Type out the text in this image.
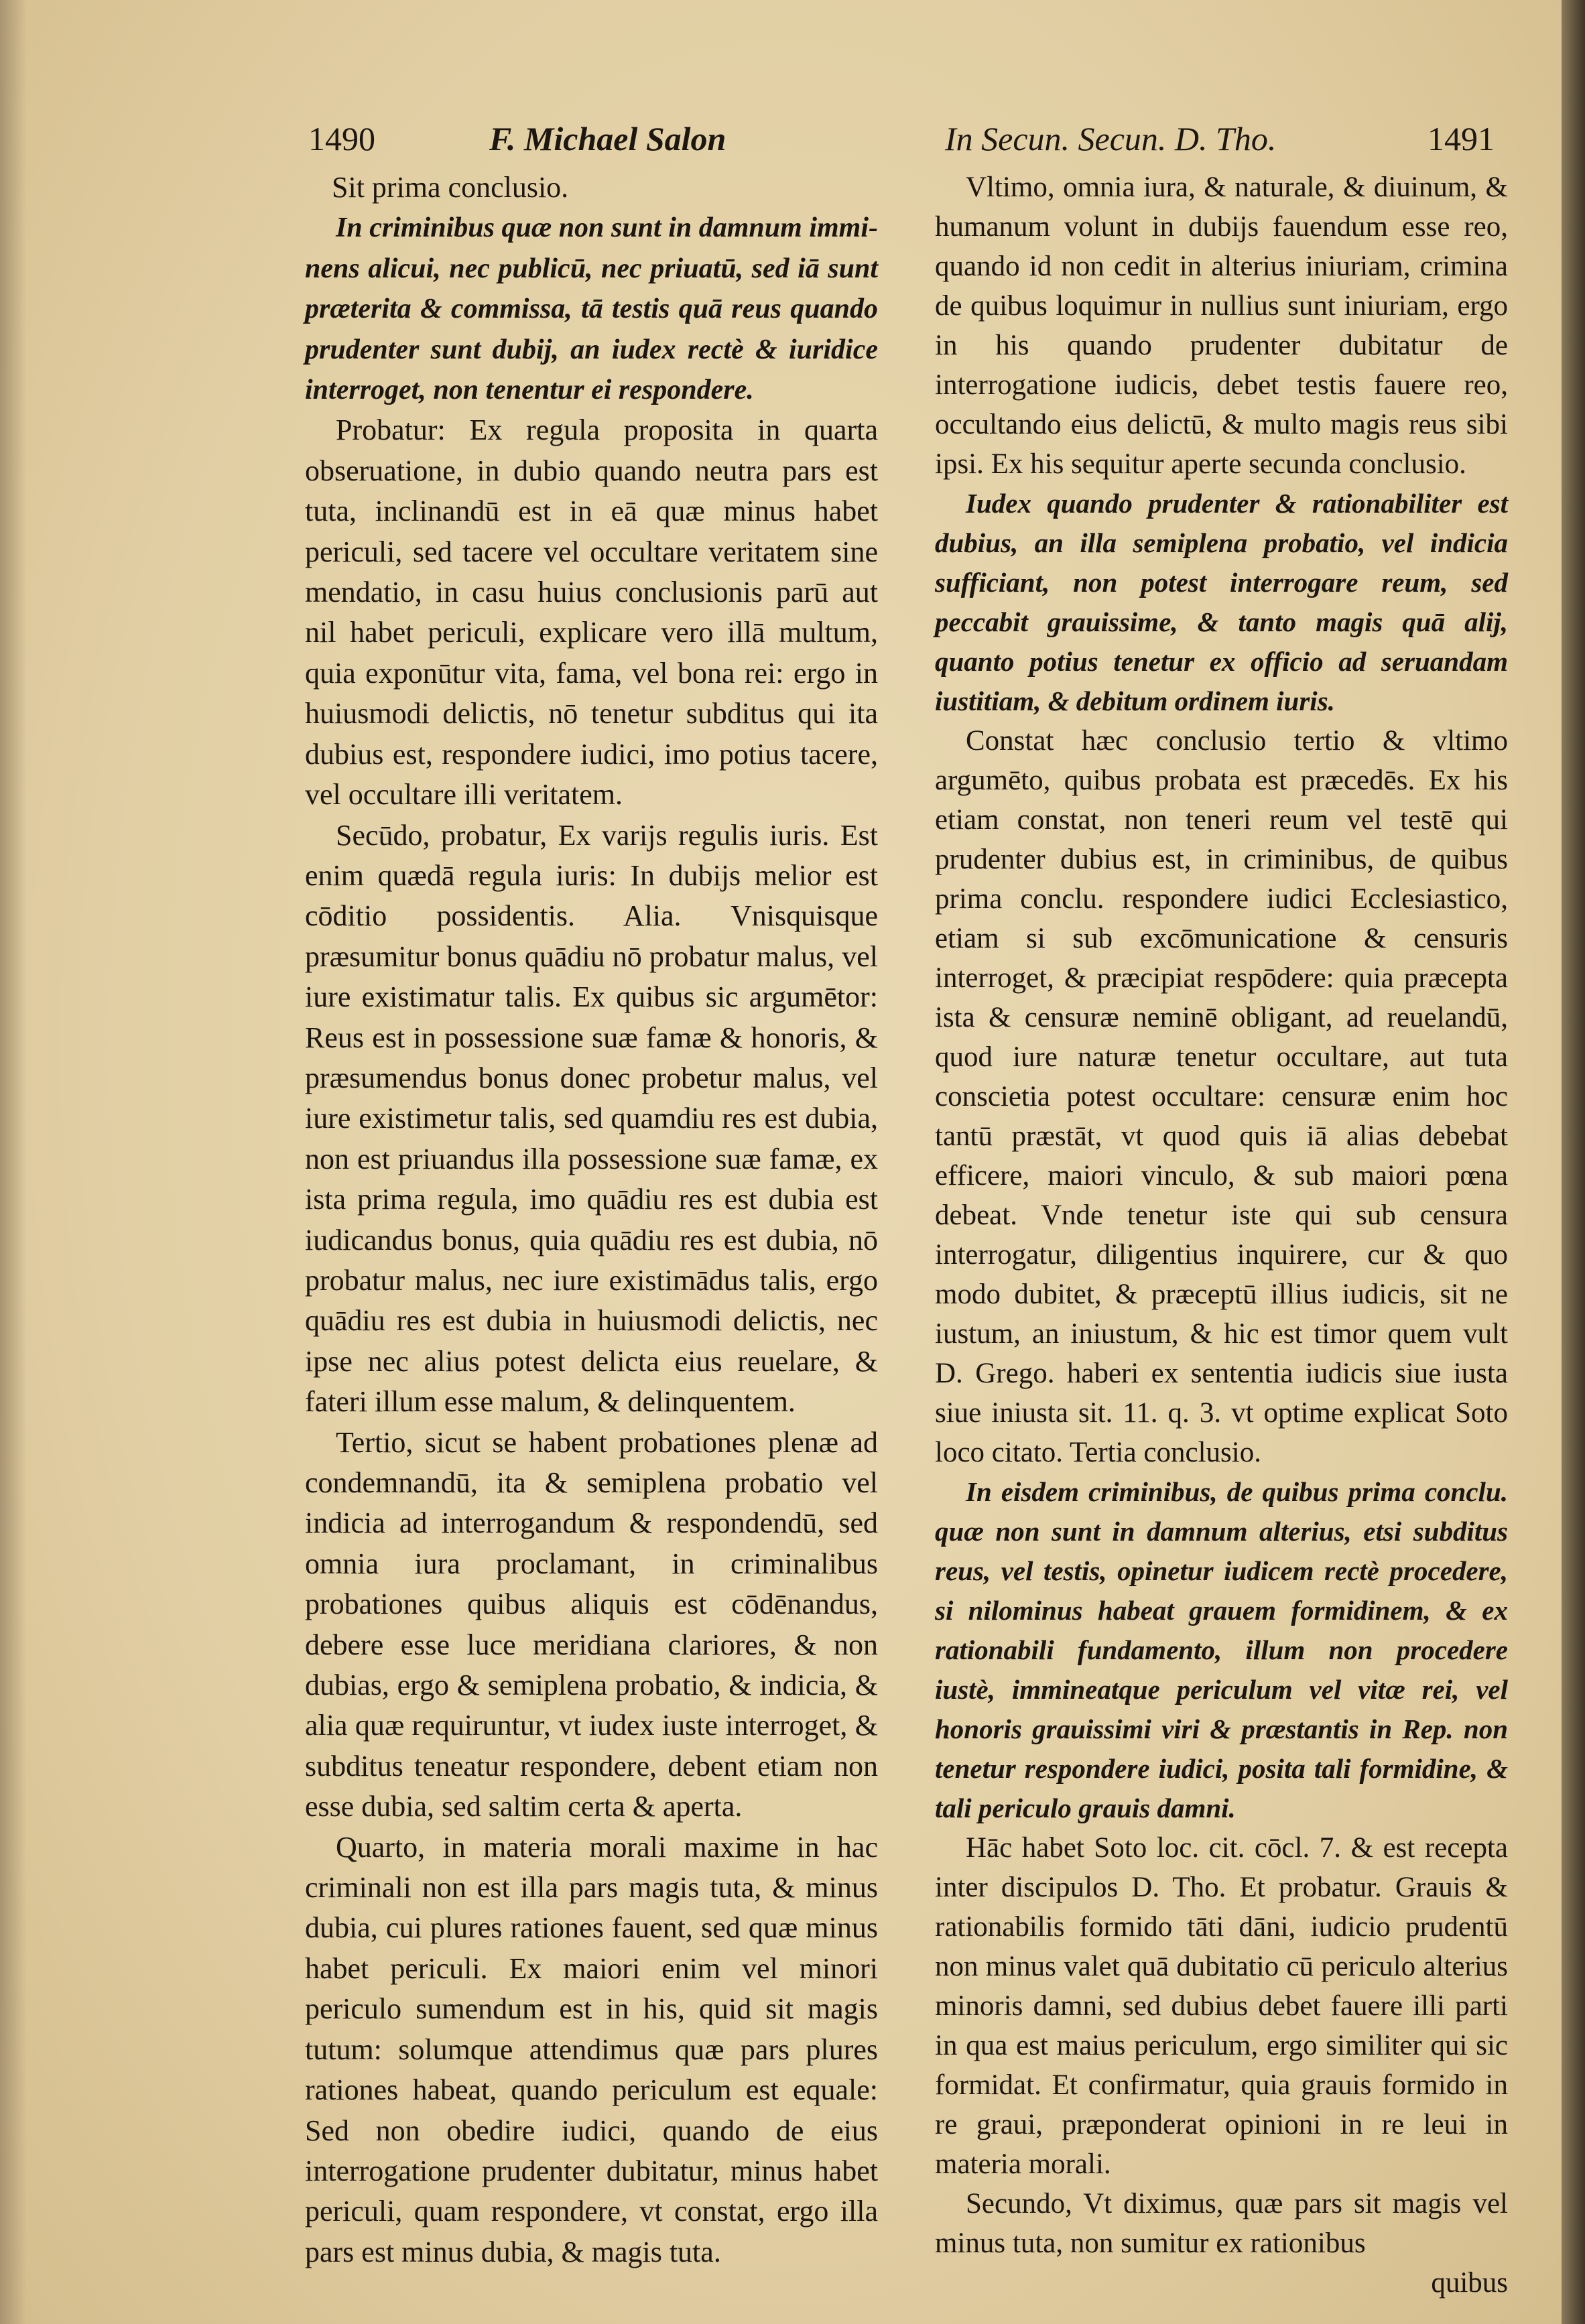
1490	F. Michael Salon	In Secun. Secun. D. Tho.	1491

Sit prima conclusio.

In criminibus quæ non sunt in damnum immi-nens alicui, nec publicū, nec priuatū, sed iā sunt præterita & commissa, tā testis quā reus quando prudenter sunt dubij, an iudex rectè & iuridice interroget, non tenentur ei respondere.

Probatur: Ex regula proposita in quarta obseruatione, in dubio quando neutra pars est tuta, inclinandū est in eā quæ minus habet periculi, sed tacere vel occultare veritatem sine mendatio, in casu huius conclusionis parū aut nil habet periculi, explicare vero illā multum, quia exponūtur vita, fama, vel bona rei: ergo in huiusmodi delictis, nō tenetur subditus qui ita dubius est, respondere iudici, imo potius tacere, vel occultare illi veritatem.

Secūdo, probatur, Ex varijs regulis iuris. Est enim quædā regula iuris: In dubijs melior est cōditio possidentis. Alia. Vnisquisque præsumitur bonus quādiu nō probatur malus, vel iure existimatur talis. Ex quibus sic argumētor: Reus est in possessione suæ famæ & honoris, & præsumendus bonus donec probetur malus, vel iure existimetur talis, sed quamdiu res est dubia, non est priuandus illa possessione suæ famæ, ex ista prima regula, imo quādiu res est dubia est iudicandus bonus, quia quādiu res est dubia, nō probatur malus, nec iure existimādus talis, ergo quādiu res est dubia in huiusmodi delictis, nec ipse nec alius potest delicta eius reuelare, & fateri illum esse malum, & delinquentem.

Tertio, sicut se habent probationes plenæ ad condemnandū, ita & semiplena probatio vel indicia ad interrogandum & respondendū, sed omnia iura proclamant, in criminalibus probationes quibus aliquis est cōdēnandus, debere esse luce meridiana clariores, & non dubias, ergo & semiplena probatio, & indicia, & alia quæ requiruntur, vt iudex iuste interroget, & subditus teneatur respondere, debent etiam non esse dubia, sed saltim certa & aperta.

Quarto, in materia morali maxime in hac criminali non est illa pars magis tuta, & minus dubia, cui plures rationes fauent, sed quæ minus habet periculi. Ex maiori enim vel minori periculo sumendum est in his, quid sit magis tutum: solumque attendimus quæ pars plures rationes habeat, quando periculum est equale: Sed non obedire iudici, quando de eius interrogatione prudenter dubitatur, minus habet periculi, quam respondere, vt constat, ergo illa pars est minus dubia, & magis tuta.

Vltimo, omnia iura, & naturale, & diuinum, & humanum volunt in dubijs fauendum esse reo, quando id non cedit in alterius iniuriam, crimina de quibus loquimur in nullius sunt iniuriam, ergo in his quando prudenter dubitatur de interrogatione iudicis, debet testis fauere reo, occultando eius delictū, & multo magis reus sibi ipsi. Ex his sequitur aperte secunda conclusio.

Iudex quando prudenter & rationabiliter est dubius, an illa semiplena probatio, vel indicia sufficiant, non potest interrogare reum, sed peccabit grauissime, & tanto magis quā alij, quanto potius tenetur ex officio ad seruandam iustitiam, & debitum ordinem iuris.

Constat hæc conclusio tertio & vltimo argumēto, quibus probata est præcedēs. Ex his etiam constat, non teneri reum vel testē qui prudenter dubius est, in criminibus, de quibus prima conclu. respondere iudici Ecclesiastico, etiam si sub excōmunicatione & censuris interroget, & præcipiat respōdere: quia præcepta ista & censuræ neminē obligant, ad reuelandū, quod iure naturæ tenetur occultare, aut tuta conscietia potest occultare: censuræ enim hoc tantū præstāt, vt quod quis iā alias debebat efficere, maiori vinculo, & sub maiori pœna debeat. Vnde tenetur iste qui sub censura interrogatur, diligentius inquirere, cur & quo modo dubitet, & præceptū illius iudicis, sit ne iustum, an iniustum, & hic est timor quem vult D. Grego. haberi ex sententia iudicis siue iusta siue iniusta sit. 11. q. 3. vt optime explicat Soto loco citato. Tertia conclusio.

In eisdem criminibus, de quibus prima conclu. quæ non sunt in damnum alterius, etsi subditus reus, vel testis, opinetur iudicem rectè procedere, si nilominus habeat grauem formidinem, & ex rationabili fundamento, illum non procedere iustè, immineatque periculum vel vitæ rei, vel honoris grauissimi viri & præstantis in Rep. non tenetur respondere iudici, posita tali formidine, & tali periculo grauis damni.

Hāc habet Soto loc. cit. cōcl. 7. & est recepta inter discipulos D. Tho. Et probatur. Grauis & rationabilis formido tāti dāni, iudicio prudentū non minus valet quā dubitatio cū periculo alterius minoris damni, sed dubius debet fauere illi parti in qua est maius periculum, ergo similiter qui sic formidat. Et confirmatur, quia grauis formido in re graui, præponderat opinioni in re leui in materia morali.

Secundo, Vt diximus, quæ pars sit magis vel minus tuta, non sumitur ex rationibus

quibus
